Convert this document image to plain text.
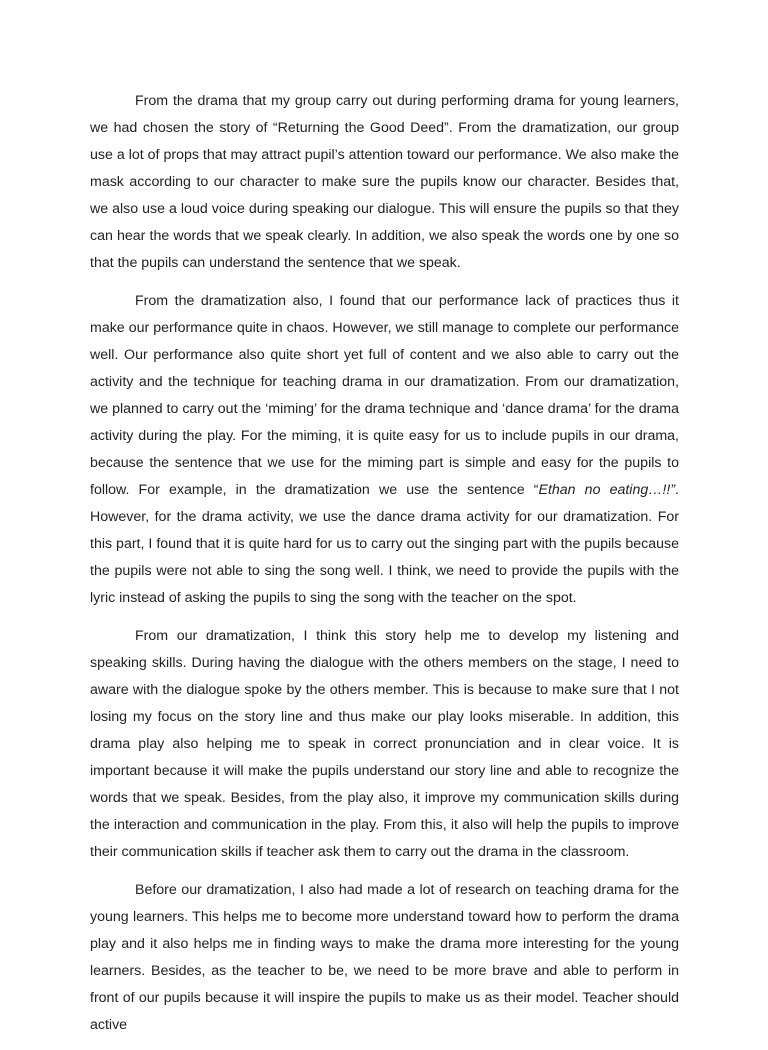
From the drama that my group carry out during performing drama for young learners, we had chosen the story of “Returning the Good Deed”. From the dramatization, our group use a lot of props that may attract pupil’s attention toward our performance. We also make the mask according to our character to make sure the pupils know our character. Besides that, we also use a loud voice during speaking our dialogue. This will ensure the pupils so that they can hear the words that we speak clearly. In addition, we also speak the words one by one so that the pupils can understand the sentence that we speak.

From the dramatization also, I found that our performance lack of practices thus it make our performance quite in chaos. However, we still manage to complete our performance well. Our performance also quite short yet full of content and we also able to carry out the activity and the technique for teaching drama in our dramatization. From our dramatization, we planned to carry out the ‘miming’ for the drama technique and ‘dance drama’ for the drama activity during the play. For the miming, it is quite easy for us to include pupils in our drama, because the sentence that we use for the miming part is simple and easy for the pupils to follow. For example, in the dramatization we use the sentence “Ethan no eating…!!”. However, for the drama activity, we use the dance drama activity for our dramatization. For this part, I found that it is quite hard for us to carry out the singing part with the pupils because the pupils were not able to sing the song well. I think, we need to provide the pupils with the lyric instead of asking the pupils to sing the song with the teacher on the spot.

From our dramatization, I think this story help me to develop my listening and speaking skills. During having the dialogue with the others members on the stage, I need to aware with the dialogue spoke by the others member. This is because to make sure that I not losing my focus on the story line and thus make our play looks miserable. In addition, this drama play also helping me to speak in correct pronunciation and in clear voice. It is important because it will make the pupils understand our story line and able to recognize the words that we speak. Besides, from the play also, it improve my communication skills during the interaction and communication in the play. From this, it also will help the pupils to improve their communication skills if teacher ask them to carry out the drama in the classroom.

Before our dramatization, I also had made a lot of research on teaching drama for the young learners. This helps me to become more understand toward how to perform the drama play and it also helps me in finding ways to make the drama more interesting for the young learners. Besides, as the teacher to be, we need to be more brave and able to perform in front of our pupils because it will inspire the pupils to make us as their model. Teacher should active
